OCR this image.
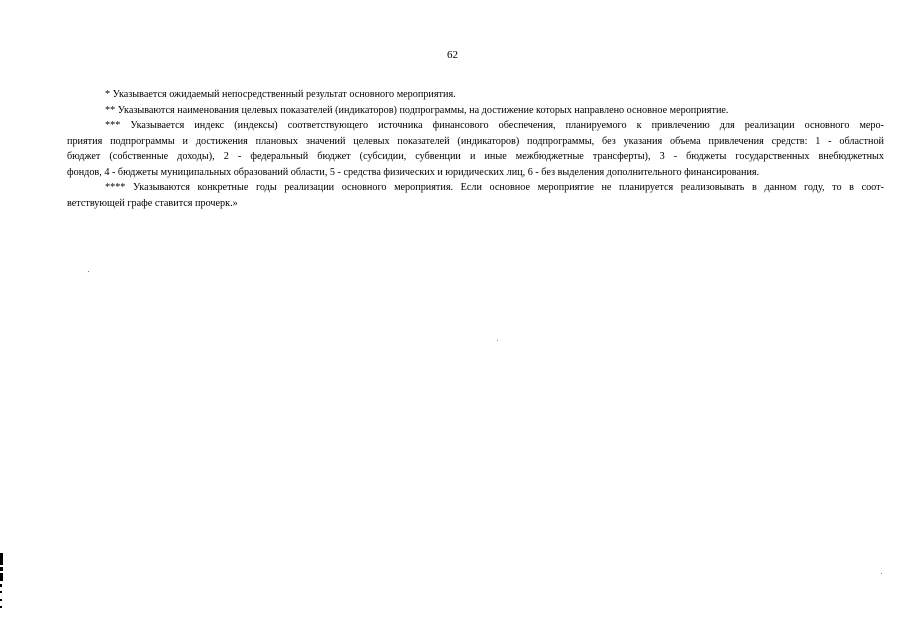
62

* Указывается ожидаемый непосредственный результат основного мероприятия.

** Указываются наименования целевых показателей (индикаторов) подпрограммы, на достижение которых направлено основное мероприятие.

*** Указывается индекс (индексы) соответствующего источника финансового обеспечения, планируемого к привлечению для реализации основного меро-
приятия подпрограммы и достижения плановых значений целевых показателей (индикаторов) подпрограммы, без указания объема привлечения средств: 1 - областной
бюджет (собственные доходы), 2 - федеральный бюджет (субсидии, субвенции и иные межбюджетные трансферты), 3 - бюджеты государственных внебюджетных
фондов, 4 - бюджеты муниципальных образований области, 5 - средства физических и юридических лиц, 6 - без выделения дополнительного финансирования.
**** Указываются конкретные годы реализации основного мероприятия. Если основное мероприятие не планируется реализовывать в данном году, то в соот-
ветствующей графе ставится прочерк.»
